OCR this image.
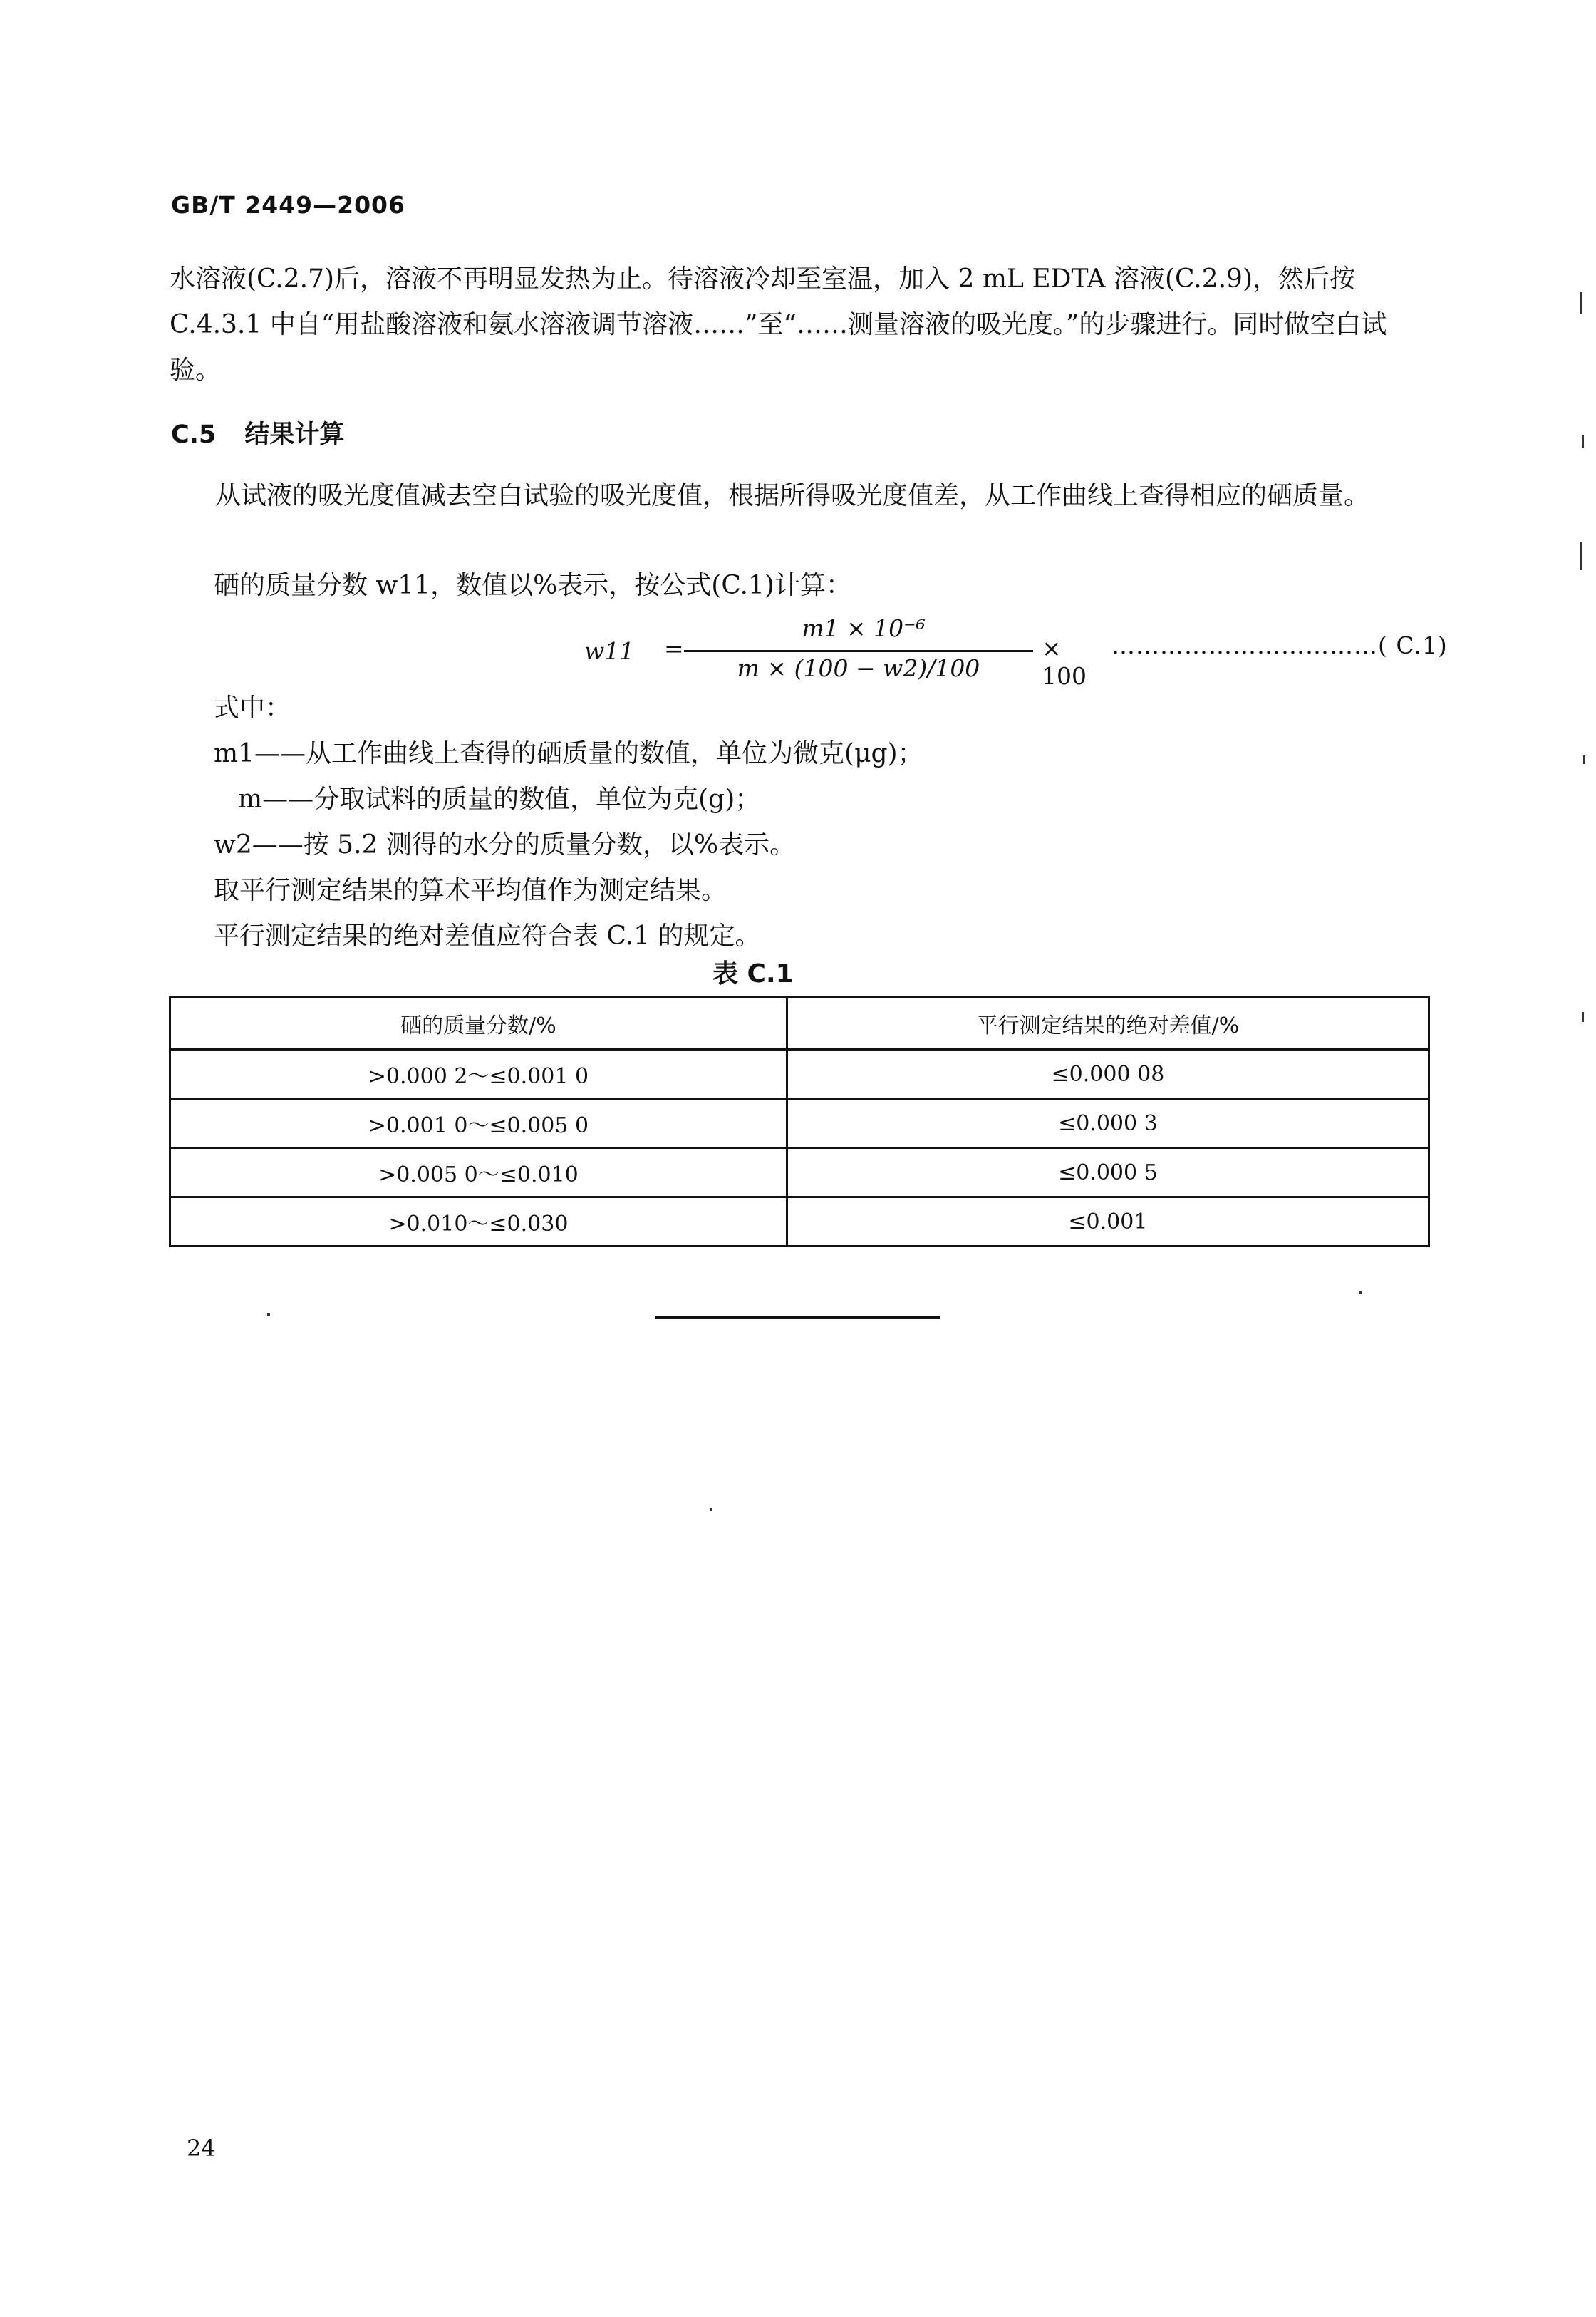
GB/T 2449—2006
水溶液(C.2.7)后，溶液不再明显发热为止。待溶液冷却至室温，加入 2 mL EDTA 溶液(C.2.9)，然后按 C.4.3.1 中自“用盐酸溶液和氨水溶液调节溶液……”至“……测量溶液的吸光度。”的步骤进行。同时做空白试验。
C.5 结果计算
从试液的吸光度值减去空白试验的吸光度值，根据所得吸光度值差，从工作曲线上查得相应的硒质量。
硒的质量分数 w11，数值以%表示，按公式(C.1)计算：
w11 =
m1 × 10⁻⁶
m × (100 − w2)/100
× 100
……………………………( C.1)
式中：
m1——从工作曲线上查得的硒质量的数值，单位为微克(μg)；
m——分取试料的质量的数值，单位为克(g)；
w2——按 5.2 测得的水分的质量分数，以%表示。
取平行测定结果的算术平均值作为测定结果。
平行测定结果的绝对差值应符合表 C.1 的规定。
表 C.1
硒的质量分数/%	平行测定结果的绝对差值/%
>0.000 2～≤0.001 0	≤0.000 08
>0.001 0～≤0.005 0	≤0.000 3
>0.005 0～≤0.010	≤0.000 5
>0.010～≤0.030	≤0.001
24
